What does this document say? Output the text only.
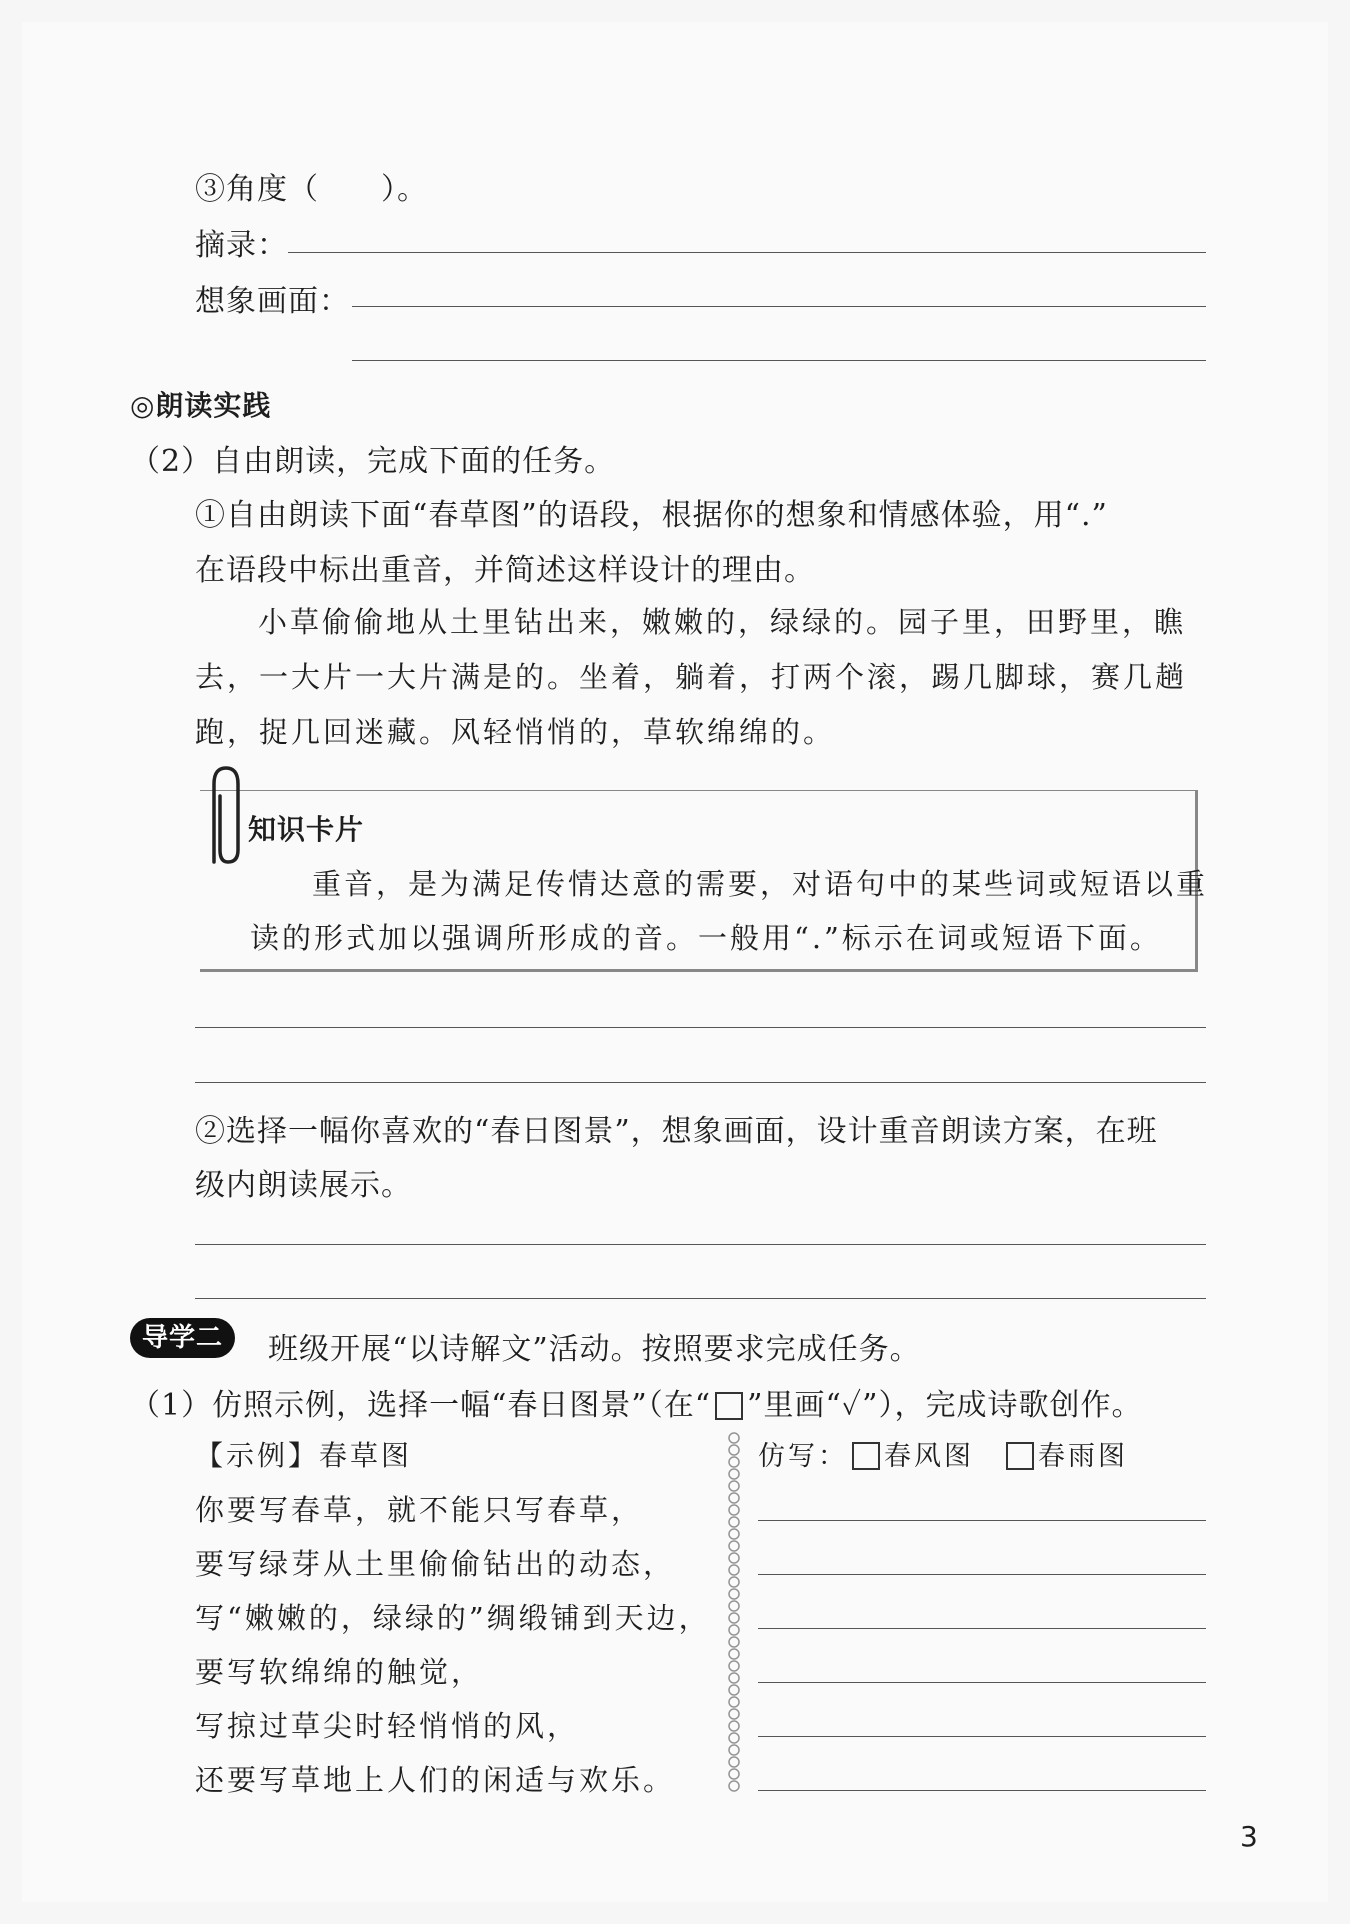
③角度（　　）。
摘录：
想象画面：
◎朗读实践
（2）自由朗读，完成下面的任务。
①自由朗读下面“春草图”的语段，根据你的想象和情感体验，用“.”
在语段中标出重音，并简述这样设计的理由。
小草偷偷地从土里钻出来，嫩嫩的，绿绿的。园子里，田野里，瞧
去，一大片一大片满是的。坐着，躺着，打两个滚，踢几脚球，赛几趟
跑，捉几回迷藏。风轻悄悄的，草软绵绵的。
知识卡片
重音，是为满足传情达意的需要，对语句中的某些词或短语以重
读的形式加以强调所形成的音。一般用“.”标示在词或短语下面。
②选择一幅你喜欢的“春日图景”，想象画面，设计重音朗读方案，在班
级内朗读展示。
导学二	班级开展“以诗解文”活动。按照要求完成任务。
（1）仿照示例，选择一幅“春日图景”（在“ ”里画“✓”），完成诗歌创作。
【示例】春草图
你要写春草，就不能只写春草，
要写绿芽从土里偷偷钻出的动态，
写“嫩嫩的，绿绿的”绸缎铺到天边，
要写软绵绵的触觉，
写掠过草尖时轻悄悄的风，
还要写草地上人们的闲适与欢乐。
仿写： 春风图 春雨图
3
